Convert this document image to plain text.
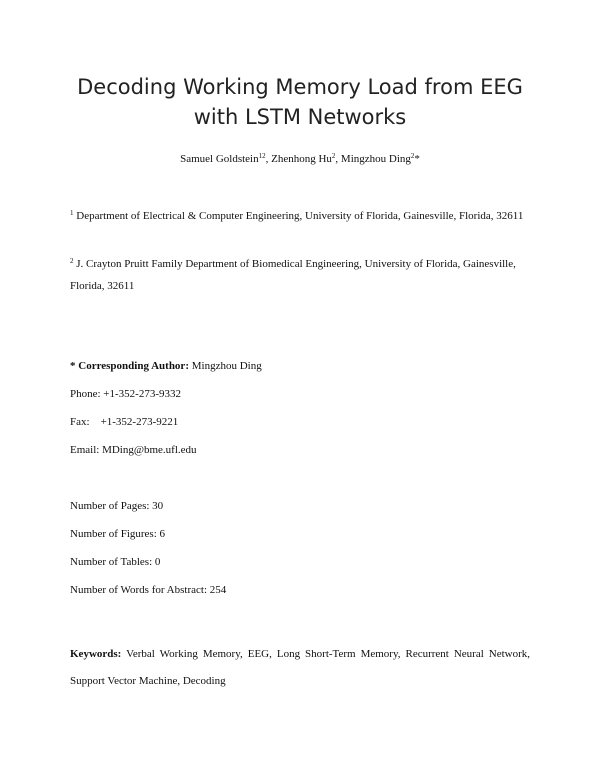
Decoding Working Memory Load from EEG
with LSTM Networks
Samuel Goldstein$^{12}$, Zhenhong Hu$^2$, Mingzhou Ding$^2$*
$^1$ Department of Electrical & Computer Engineering, University of Florida, Gainesville, Florida, 32611
$^2$ J. Crayton Pruitt Family Department of Biomedical Engineering, University of Florida, Gainesville, Florida, 32611
* Corresponding Author: Mingzhou Ding
Phone: +1-352-273-9332
Fax: +1-352-273-9221
Email: MDing@bme.ufl.edu
Number of Pages: 30
Number of Figures: 6
Number of Tables: 0
Number of Words for Abstract: 254
Keywords: Verbal Working Memory, EEG, Long Short-Term Memory, Recurrent Neural Network, Support Vector Machine, Decoding
